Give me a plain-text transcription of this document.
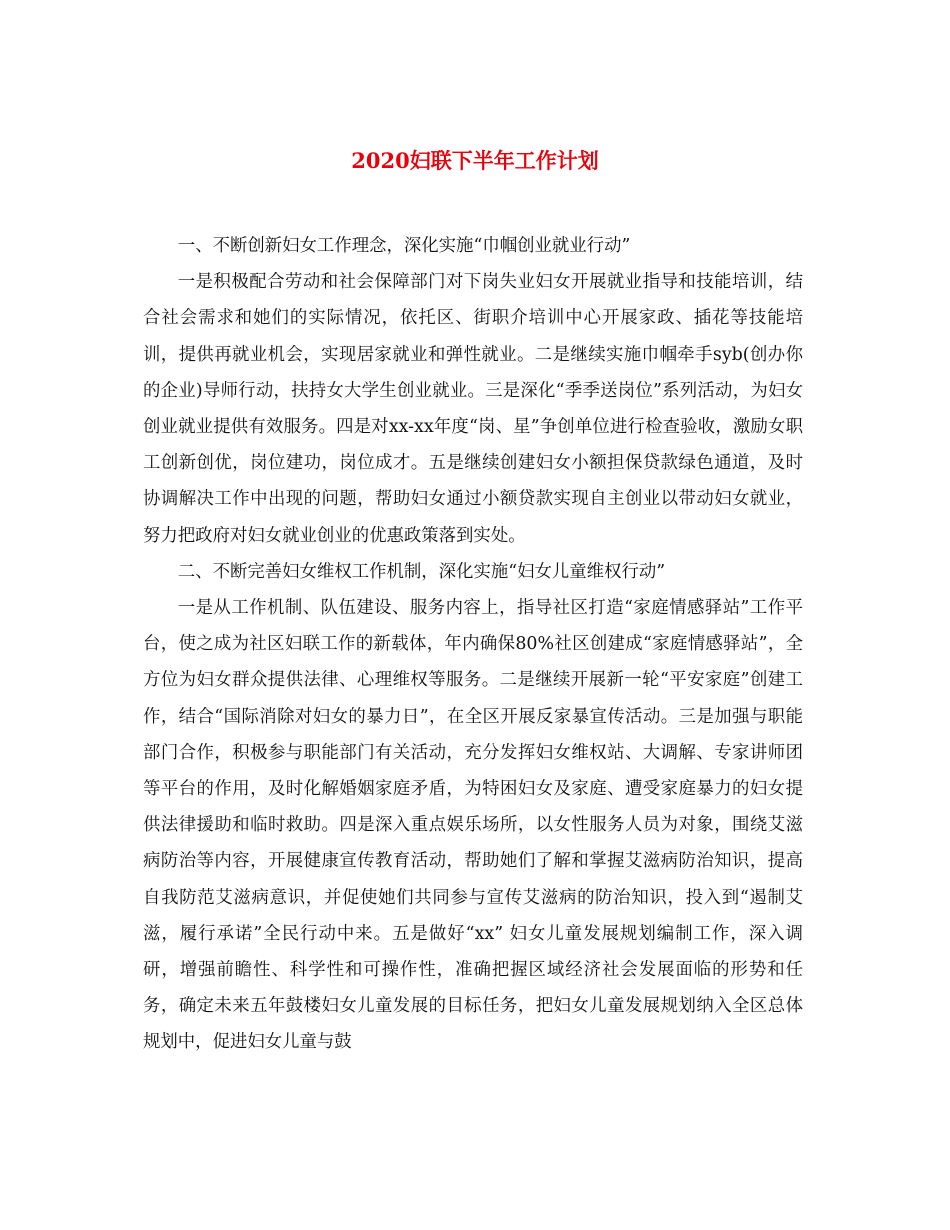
2020妇联下半年工作计划

一、不断创新妇女工作理念，深化实施“巾帼创业就业行动”

一是积极配合劳动和社会保障部门对下岗失业妇女开展就业指导和技能培训，结合社会需求和她们的实际情况，依托区、街职介培训中心开展家政、插花等技能培训，提供再就业机会，实现居家就业和弹性就业。二是继续实施巾帼牵手syb(创办你的企业)导师行动，扶持女大学生创业就业。三是深化“季季送岗位”系列活动，为妇女创业就业提供有效服务。四是对xx-xx年度“岗、星”争创单位进行检查验收，激励女职工创新创优，岗位建功，岗位成才。五是继续创建妇女小额担保贷款绿色通道，及时协调解决工作中出现的问题，帮助妇女通过小额贷款实现自主创业以带动妇女就业，努力把政府对妇女就业创业的优惠政策落到实处。

二、不断完善妇女维权工作机制，深化实施“妇女儿童维权行动”

一是从工作机制、队伍建设、服务内容上，指导社区打造“家庭情感驿站”工作平台，使之成为社区妇联工作的新载体，年内确保80%社区创建成“家庭情感驿站”，全方位为妇女群众提供法律、心理维权等服务。二是继续开展新一轮“平安家庭”创建工作，结合“国际消除对妇女的暴力日”，在全区开展反家暴宣传活动。三是加强与职能部门合作，积极参与职能部门有关活动，充分发挥妇女维权站、大调解、专家讲师团等平台的作用，及时化解婚姻家庭矛盾，为特困妇女及家庭、遭受家庭暴力的妇女提供法律援助和临时救助。四是深入重点娱乐场所，以女性服务人员为对象，围绕艾滋病防治等内容，开展健康宣传教育活动，帮助她们了解和掌握艾滋病防治知识，提高自我防范艾滋病意识，并促使她们共同参与宣传艾滋病的防治知识，投入到“遏制艾滋，履行承诺”全民行动中来。五是做好“xx” 妇女儿童发展规划编制工作，深入调研，增强前瞻性、科学性和可操作性，准确把握区域经济社会发展面临的形势和任务，确定未来五年鼓楼妇女儿童发展的目标任务，把妇女儿童发展规划纳入全区总体规划中，促进妇女儿童与鼓
